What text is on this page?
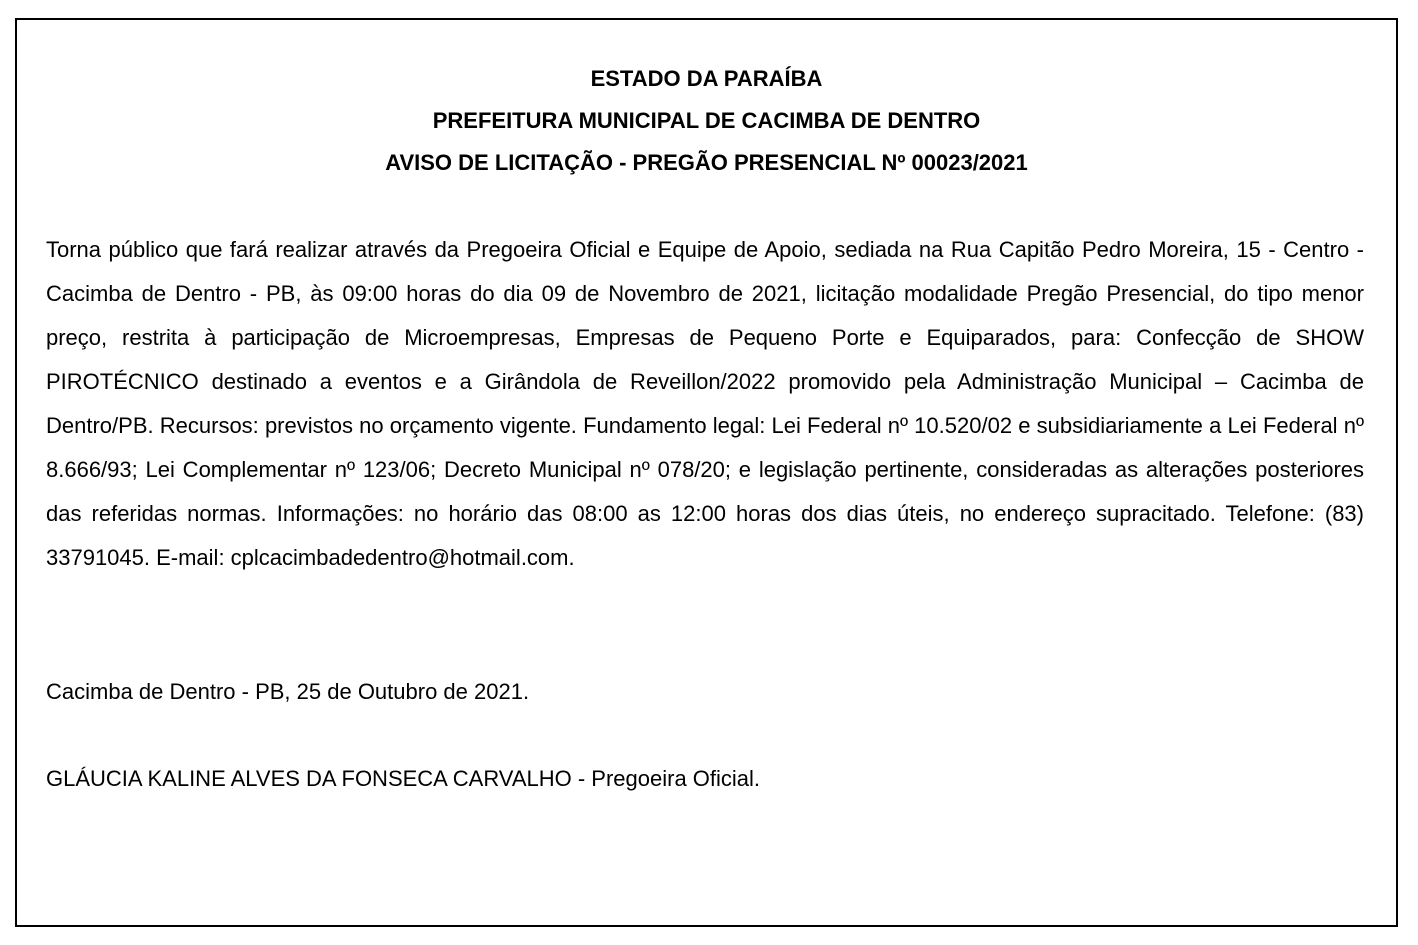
ESTADO DA PARAÍBA
PREFEITURA MUNICIPAL DE CACIMBA DE DENTRO
AVISO DE LICITAÇÃO - PREGÃO PRESENCIAL Nº 00023/2021

Torna público que fará realizar através da Pregoeira Oficial e Equipe de Apoio, sediada na Rua Capitão Pedro Moreira, 15 - Centro - Cacimba de Dentro - PB, às 09:00 horas do dia 09 de Novembro de 2021, licitação modalidade Pregão Presencial, do tipo menor preço, restrita à participação de Microempresas, Empresas de Pequeno Porte e Equiparados, para: Confecção de SHOW PIROTÉCNICO destinado a eventos e a Girândola de Reveillon/2022 promovido pela Administração Municipal – Cacimba de Dentro/PB. Recursos: previstos no orçamento vigente. Fundamento legal: Lei Federal nº 10.520/02 e subsidiariamente a Lei Federal nº 8.666/93; Lei Complementar nº 123/06; Decreto Municipal nº 078/20; e legislação pertinente, consideradas as alterações posteriores das referidas normas. Informações: no horário das 08:00 as 12:00 horas dos dias úteis, no endereço supracitado. Telefone: (83) 33791045. E-mail: cplcacimbadedentro@hotmail.com.

Cacimba de Dentro - PB, 25 de Outubro de 2021.
GLÁUCIA KALINE ALVES DA FONSECA CARVALHO - Pregoeira Oficial.
